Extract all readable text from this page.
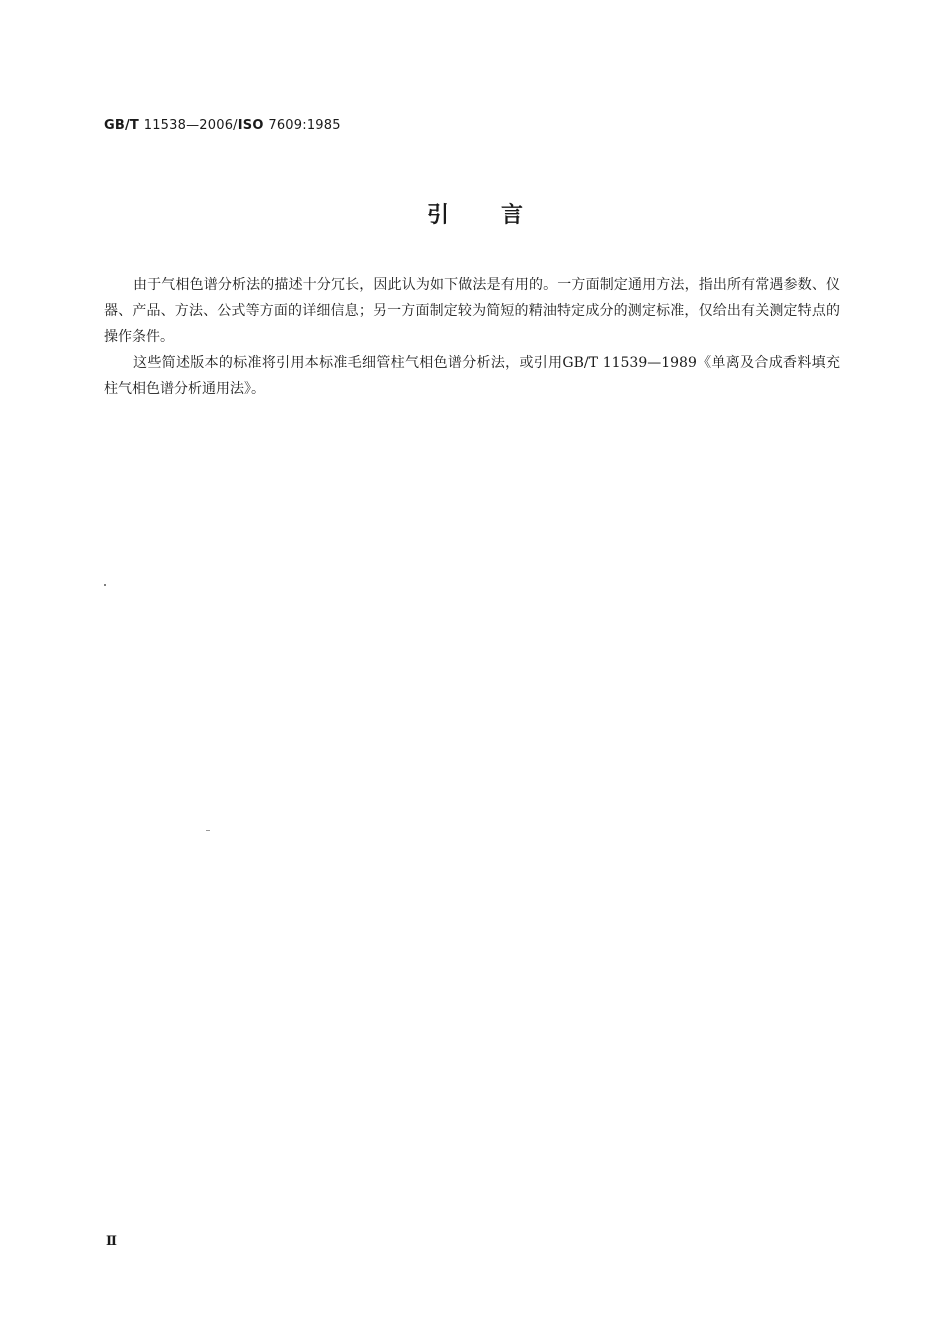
GB/T 11538—2006/ISO 7609:1985
引言

由于气相色谱分析法的描述十分冗长，因此认为如下做法是有用的。一方面制定通用方法，指出所有常遇参数、仪器、产品、方法、公式等方面的详细信息；另一方面制定较为简短的精油特定成分的测定标准，仅给出有关测定特点的操作条件。

这些简述版本的标准将引用本标准毛细管柱气相色谱分析法，或引用GB/T 11539—1989《单离及合成香料填充柱气相色谱分析通用法》。

Ⅱ
